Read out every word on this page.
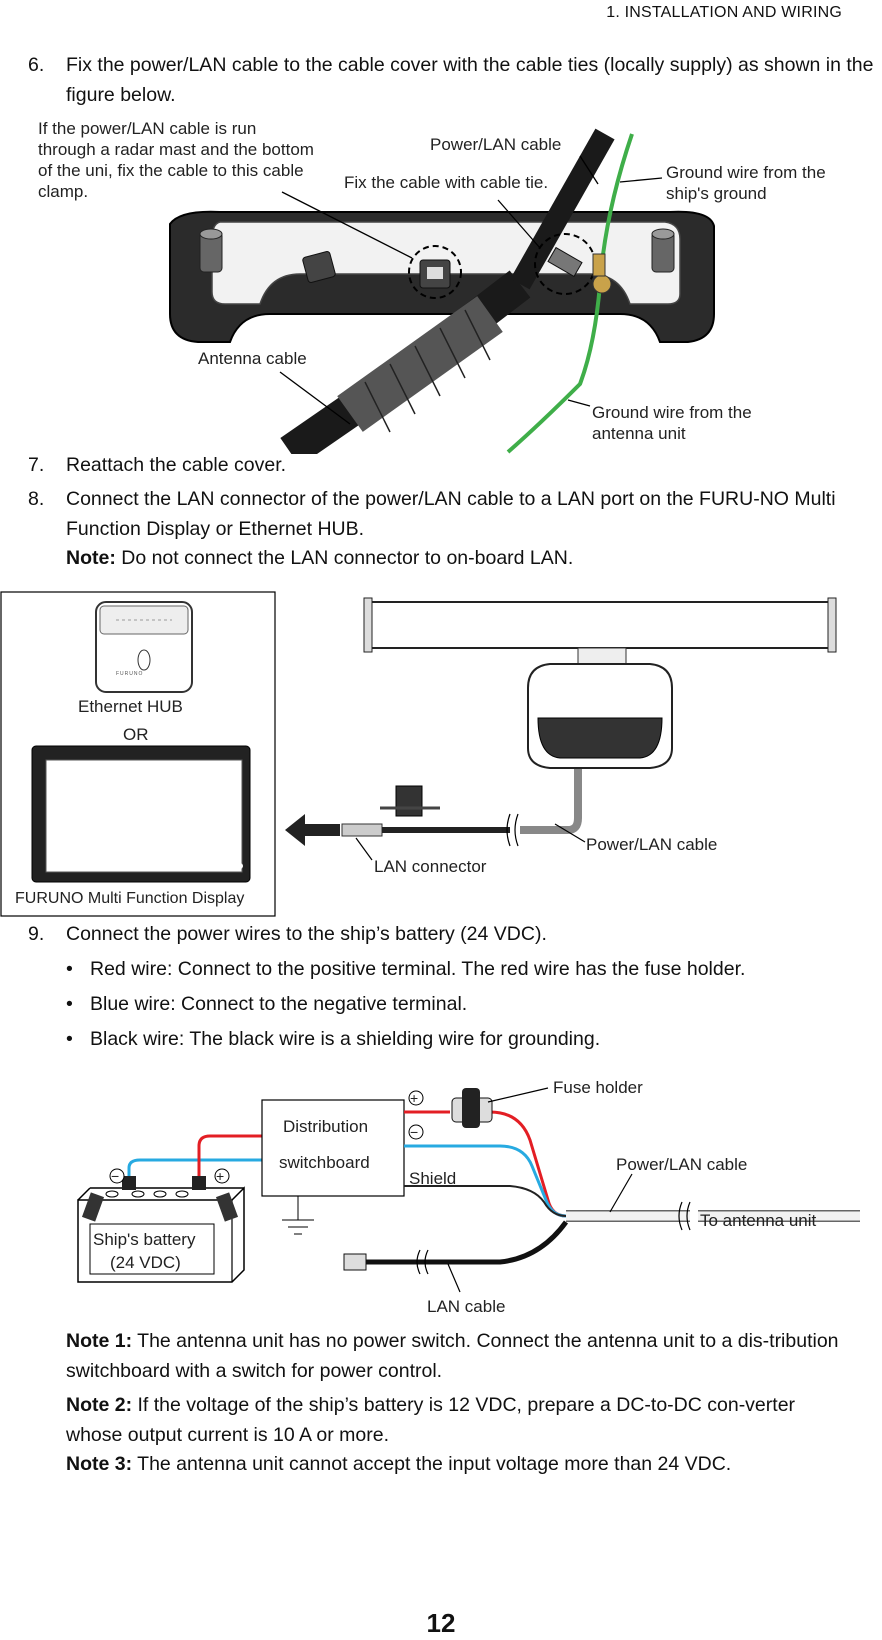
1. INSTALLATION AND WIRING
6.	Fix the power/LAN cable to the cable cover with the cable ties (locally supply) as shown in the figure below.
If the power/LAN cable is run through a radar mast and the bottom of the uni, fix the cable to this cable clamp.
Power/LAN cable
Fix the cable with cable tie.
Ground wire from the ship's ground
Antenna cable
Ground wire from the antenna unit
7.	Reattach the cable cover.
8.	Connect the LAN connector of the power/LAN cable to a LAN port on the FURU-NO Multi Function Display or Ethernet HUB.
Note: Do not connect the LAN connector to on-board LAN.
FURUNO
Ethernet HUB
OR
FURUNO Multi Function Display
LAN connector
Power/LAN cable
9.	Connect the power wires to the ship’s battery (24 VDC).
• Red wire: Connect to the positive terminal. The red wire has the fuse holder.
• Blue wire: Connect to the negative terminal.
• Black wire: The black wire is a shielding wire for grounding.
+
−
−	+
Fuse holder
Distribution
switchboard
Shield
Power/LAN cable
To antenna unit
Ship's battery
(24 VDC)
LAN cable
Note 1: The antenna unit has no power switch. Connect the antenna unit to a dis-tribution switchboard with a switch for power control.
Note 2: If the voltage of the ship’s battery is 12 VDC, prepare a DC-to-DC con-verter whose output current is 10 A or more.
Note 3: The antenna unit cannot accept the input voltage more than 24 VDC.
12
